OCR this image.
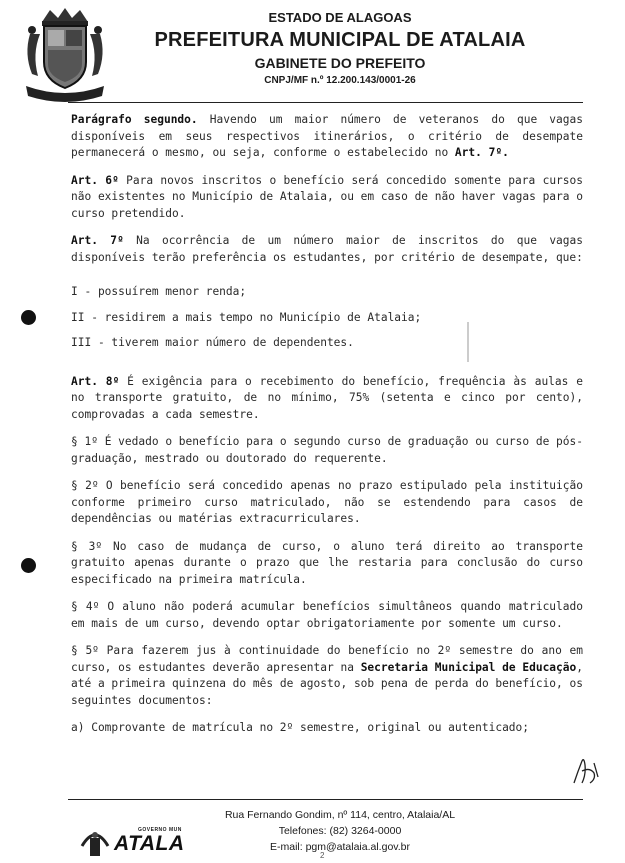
ESTADO DE ALAGOAS
PREFEITURA MUNICIPAL DE ATALAIA
GABINETE DO PREFEITO
CNPJ/MF n.º 12.200.143/0001-26

Parágrafo segundo. Havendo um maior número de veteranos do que vagas disponíveis em seus respectivos itinerários, o critério de desempate permanecerá o mesmo, ou seja, conforme o estabelecido no Art. 7º.

Art. 6º Para novos inscritos o benefício será concedido somente para cursos não existentes no Município de Atalaia, ou em caso de não haver vagas para o curso pretendido.

Art. 7º Na ocorrência de um número maior de inscritos do que vagas disponíveis terão preferência os estudantes, por critério de desempate, que:

I - possuírem menor renda;

II - residirem a mais tempo no Município de Atalaia;

III - tiverem maior número de dependentes.

Art. 8º É exigência para o recebimento do benefício, frequência às aulas e no transporte gratuito, de no mínimo, 75% (setenta e cinco por cento), comprovadas a cada semestre.

§ 1º É vedado o benefício para o segundo curso de graduação ou curso de pós-graduação, mestrado ou doutorado do requerente.

§ 2º O benefício será concedido apenas no prazo estipulado pela instituição conforme primeiro curso matriculado, não se estendendo para casos de dependências ou matérias extracurriculares.

§ 3º No caso de mudança de curso, o aluno terá direito ao transporte gratuito apenas durante o prazo que lhe restaria para conclusão do curso especificado na primeira matrícula.

§ 4º O aluno não poderá acumular benefícios simultâneos quando matriculado em mais de um curso, devendo optar obrigatoriamente por somente um curso.

§ 5º Para fazerem jus à continuidade do benefício no 2º semestre do ano em curso, os estudantes deverão apresentar na Secretaria Municipal de Educação, até a primeira quinzena do mês de agosto, sob pena de perda do benefício, os seguintes documentos:

a) Comprovante de matrícula no 2º semestre, original ou autenticado;

Rua Fernando Gondim, nº 114, centro, Atalaia/AL
Telefones: (82) 3264-0000
E-mail: pgm@atalaia.al.gov.br
GOVERNO MUN
ATALA
2
